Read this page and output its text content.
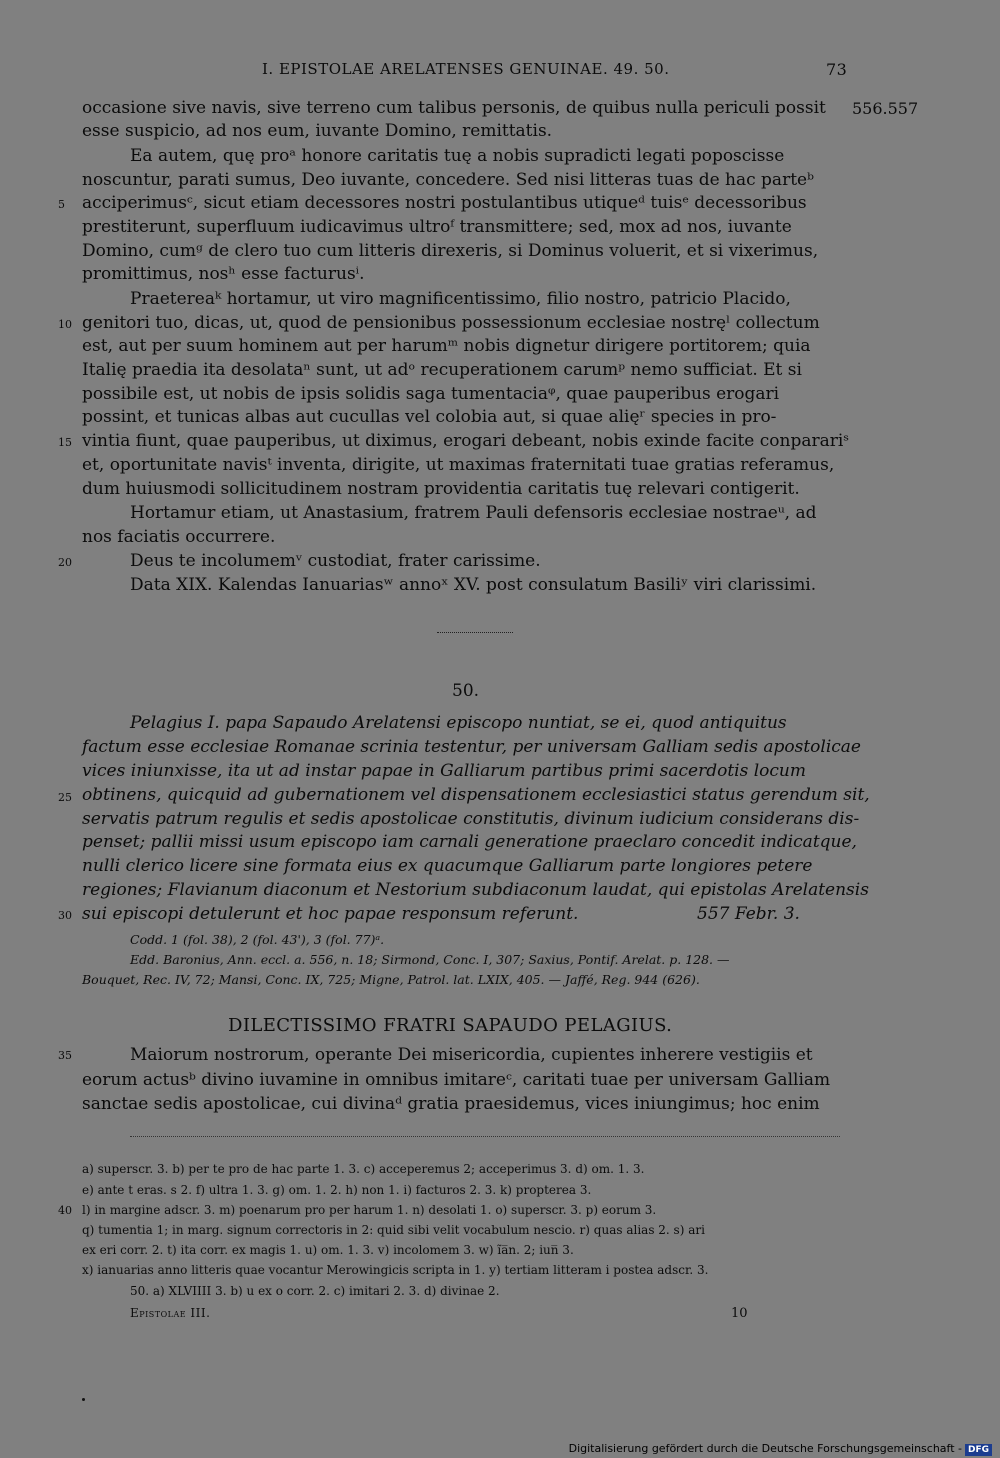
I. EPISTOLAE ARELATENSES GENUINAE. 49. 50.	73
556.557
occasione sive navis, sive terreno cum talibus personis, de quibus nulla periculi possit
esse suspicio, ad nos eum, iuvante Domino, remittatis.
Ea autem, quę proᵃ honore caritatis tuę a nobis supradicti legati poposcisse
noscuntur, parati sumus, Deo iuvante, concedere. Sed nisi litteras tuas de hac parteᵇ
acciperimusᶜ, sicut etiam decessores nostri postulantibus utiqueᵈ tuisᵉ decessoribus
prestiterunt, superfluum iudicavimus ultroᶠ transmittere; sed, mox ad nos, iuvante
Domino, cumᵍ de clero tuo cum litteris direxeris, si Dominus voluerit, et si vixerimus,
promittimus, nosʰ esse facturusⁱ.
Praetereaᵏ hortamur, ut viro magnificentissimo, filio nostro, patricio Placido,
genitori tuo, dicas, ut, quod de pensionibus possessionum ecclesiae nostręˡ collectum
est, aut per suum hominem aut per harumᵐ nobis dignetur dirigere portitorem; quia
Italię praedia ita desolataⁿ sunt, ut adᵒ recuperationem carumᵖ nemo sufficiat. Et si
possibile est, ut nobis de ipsis solidis saga tumentaciaᵠ, quae pauperibus erogari
possint, et tunicas albas aut cucullas vel colobia aut, si quae alięʳ species in pro-
vintia fiunt, quae pauperibus, ut diximus, erogari debeant, nobis exinde facite conparariˢ
et, oportunitate navisᵗ inventa, dirigite, ut maximas fraternitati tuae gratias referamus,
dum huiusmodi sollicitudinem nostram providentia caritatis tuę relevari contigerit.
Hortamur etiam, ut Anastasium, fratrem Pauli defensoris ecclesiae nostraeᵘ, ad
nos faciatis occurrere.
Deus te incolumemᵛ custodiat, frater carissime.
Data XIX. Kalendas Ianuariasʷ annoˣ XV. post consulatum Basiliʸ viri clarissimi.
5
10
15
20
25
30
35
40
50.
Pelagius I. papa Sapaudo Arelatensi episcopo nuntiat, se ei, quod antiquitus
factum esse ecclesiae Romanae scrinia testentur, per universam Galliam sedis apostolicae
vices iniunxisse, ita ut ad instar papae in Galliarum partibus primi sacerdotis locum
obtinens, quicquid ad gubernationem vel dispensationem ecclesiastici status gerendum sit,
servatis patrum regulis et sedis apostolicae constitutis, divinum iudicium considerans dis-
penset; pallii missi usum episcopo iam carnali generatione praeclaro concedit indicatque,
nulli clerico licere sine formata eius ex quacumque Galliarum parte longiores petere
regiones; Flavianum diaconum et Nestorium subdiaconum laudat, qui epistolas Arelatensis
sui episcopi detulerunt et hoc papae responsum referunt.	557 Febr. 3.
Codd. 1 (fol. 38), 2 (fol. 43'), 3 (fol. 77)ᵃ.
Edd. Baronius, Ann. eccl. a. 556, n. 18; Sirmond, Conc. I, 307; Saxius, Pontif. Arelat. p. 128. —
Bouquet, Rec. IV, 72; Mansi, Conc. IX, 725; Migne, Patrol. lat. LXIX, 405. — Jaffé, Reg. 944 (626).
DILECTISSIMO FRATRI SAPAUDO PELAGIUS.
Maiorum nostrorum, operante Dei misericordia, cupientes inherere vestigiis et
eorum actusᵇ divino iuvamine in omnibus imitareᶜ, caritati tuae per universam Galliam
sanctae sedis apostolicae, cui divinaᵈ gratia praesidemus, vices iniungimus; hoc enim
a) superscr. 3. b) per te pro de hac parte 1. 3. c) acceperemus 2; acceperimus 3. d) om. 1. 3.
e) ante t eras. s 2. f) ultra 1. 3. g) om. 1. 2. h) non 1. i) facturos 2. 3. k) propterea 3.
l) in margine adscr. 3. m) poenarum pro per harum 1. n) desolati 1. o) superscr. 3. p) eorum 3.
q) tumentia 1; in marg. signum correctoris in 2: quid sibi velit vocabulum nescio. r) quas alias 2. s) ari
ex eri corr. 2. t) ita corr. ex magis 1. u) om. 1. 3. v) incolomem 3. w) ĩa̅n. 2; iun̅ 3.
x) ianuarias anno litteris quae vocantur Merowingicis scripta in 1. y) tertiam litteram i postea adscr. 3.
50. a) XLVIIII 3. b) u ex o corr. 2. c) imitari 2. 3. d) divinae 2.
Epistolae III.	10
Digitalisierung gefördert durch die Deutsche Forschungsgemeinschaft - DFG
